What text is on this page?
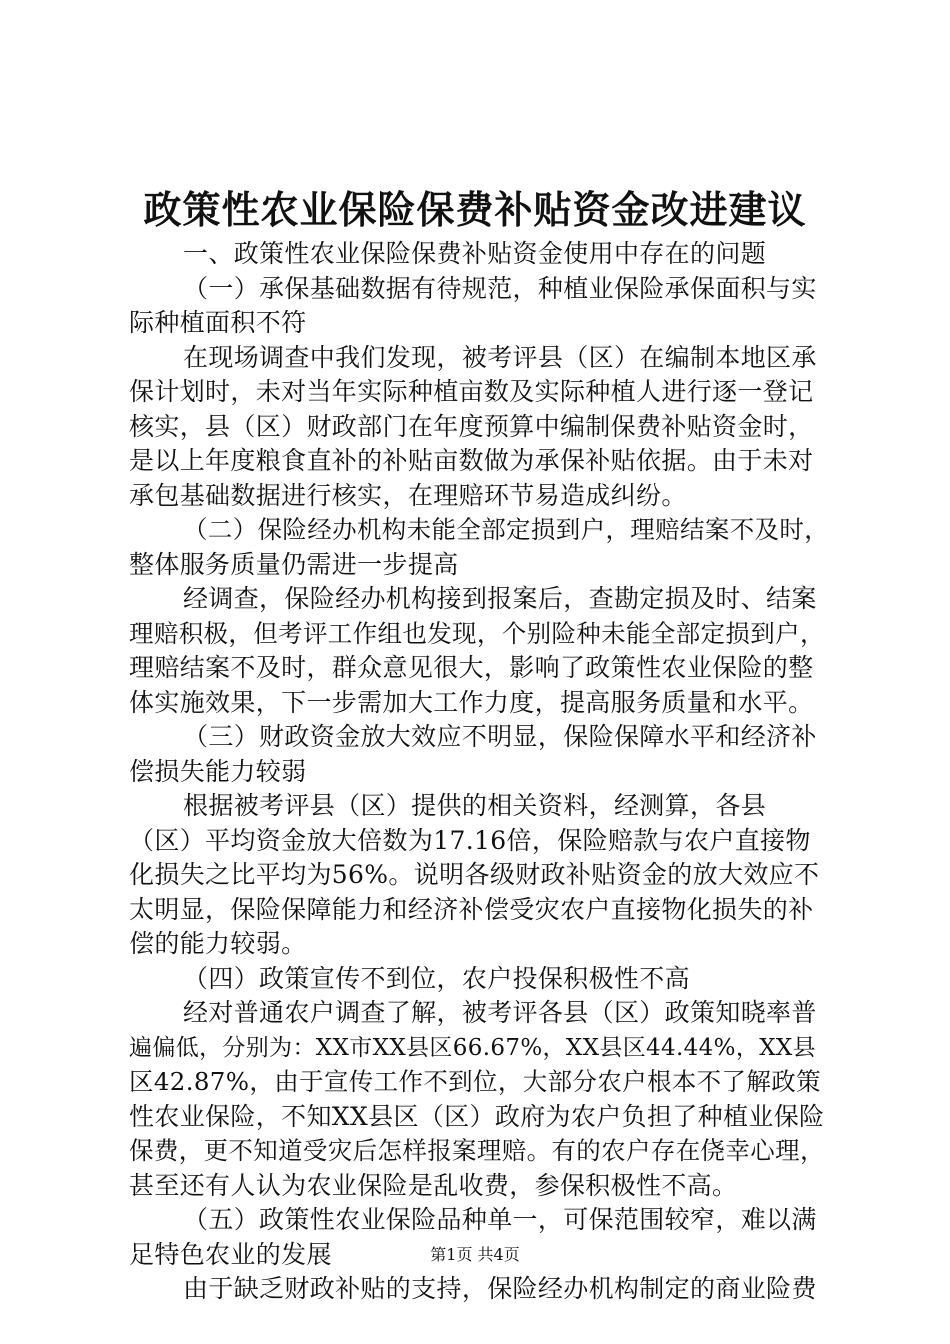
政策性农业保险保费补贴资金改进建议
一、政策性农业保险保费补贴资金使用中存在的问题
（一）承保基础数据有待规范，种植业保险承保面积与实
际种植面积不符
在现场调查中我们发现，被考评县（区）在编制本地区承
保计划时，未对当年实际种植亩数及实际种植人进行逐一登记
核实，县（区）财政部门在年度预算中编制保费补贴资金时，
是以上年度粮食直补的补贴亩数做为承保补贴依据。由于未对
承包基础数据进行核实，在理赔环节易造成纠纷。
（二）保险经办机构未能全部定损到户，理赔结案不及时，
整体服务质量仍需进一步提高
经调查，保险经办机构接到报案后，查勘定损及时、结案
理赔积极，但考评工作组也发现，个别险种未能全部定损到户，
理赔结案不及时，群众意见很大，影响了政策性农业保险的整
体实施效果，下一步需加大工作力度，提高服务质量和水平。
（三）财政资金放大效应不明显，保险保障水平和经济补
偿损失能力较弱
根据被考评县（区）提供的相关资料，经测算，各县
（区）平均资金放大倍数为17.16倍，保险赔款与农户直接物
化损失之比平均为56%。说明各级财政补贴资金的放大效应不
太明显，保险保障能力和经济补偿受灾农户直接物化损失的补
偿的能力较弱。
（四）政策宣传不到位，农户投保积极性不高
经对普通农户调查了解，被考评各县（区）政策知晓率普
遍偏低，分别为：XX市XX县区66.67%，XX县区44.44%，XX县
区42.87%，由于宣传工作不到位，大部分农户根本不了解政策
性农业保险，不知XX县区（区）政府为农户负担了种植业保险
保费，更不知道受灾后怎样报案理赔。有的农户存在侥幸心理，
甚至还有人认为农业保险是乱收费，参保积极性不高。
（五）政策性农业保险品种单一，可保范围较窄，难以满
足特色农业的发展
由于缺乏财政补贴的支持，保险经办机构制定的商业险费
第1页 共4页
